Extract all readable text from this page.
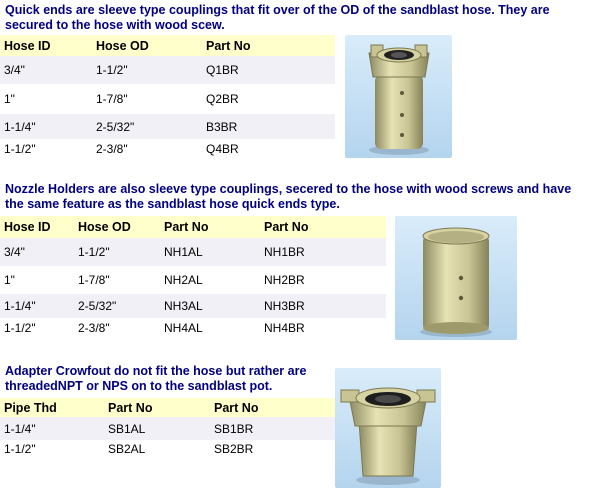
Quick ends are sleeve type couplings that fit over of the OD of the sandblast hose. They are secured to the hose with wood scew.

Hose ID	Hose OD	Part No
3/4"	1-1/2"	Q1BR
1"	1-7/8"	Q2BR
1-1/4"	2-5/32"	B3BR
1-1/2"	2-3/8"	Q4BR

Nozzle Holders are also sleeve type couplings, secered to the hose with wood screws and have the same feature as the sandblast hose quick ends type.

Hose ID	Hose OD	Part No	Part No
3/4"	1-1/2"	NH1AL	NH1BR
1"	1-7/8"	NH2AL	NH2BR
1-1/4"	2-5/32"	NH3AL	NH3BR
1-1/2"	2-3/8"	NH4AL	NH4BR

Adapter Crowfout do not fit the hose but rather are threadedNPT or NPS on to the sandblast pot.

Pipe Thd	Part No	Part No
1-1/4"	SB1AL	SB1BR
1-1/2"	SB2AL	SB2BR
